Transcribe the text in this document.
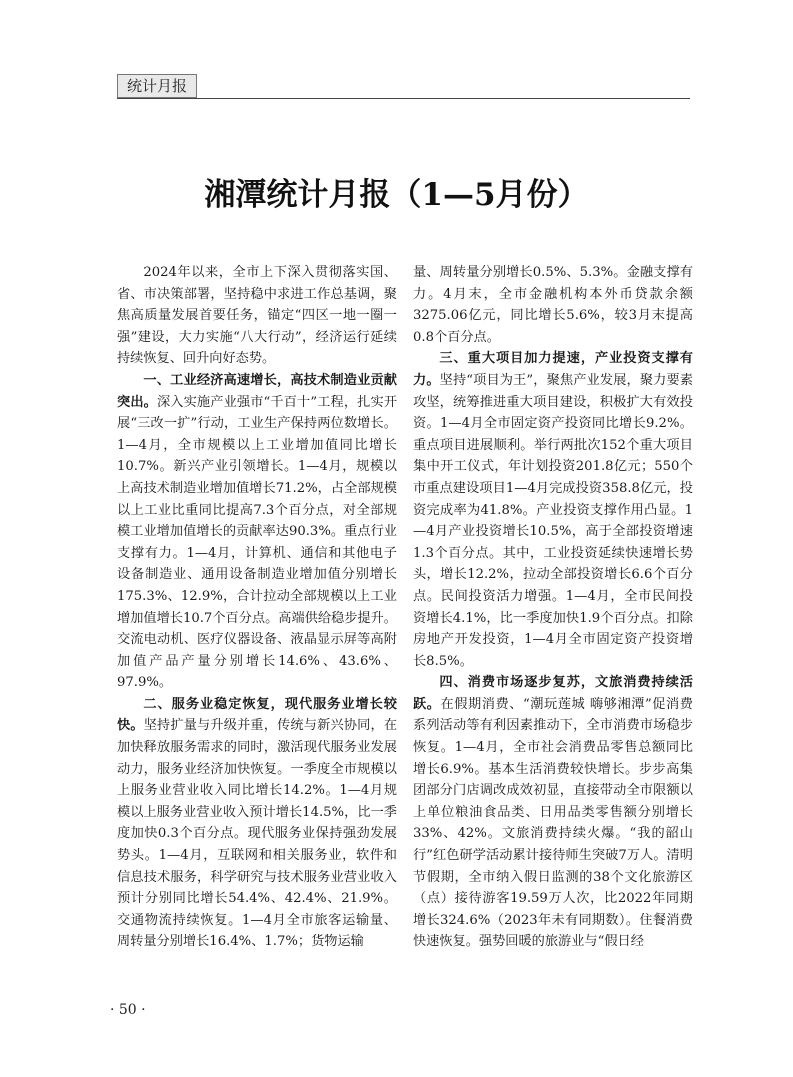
统计月报
湘潭统计月报（1—5月份）

2024年以来，全市上下深入贯彻落实国、省、市决策部署，坚持稳中求进工作总基调，聚焦高质量发展首要任务，锚定“四区一地一圈一强”建设，大力实施“八大行动”，经济运行延续持续恢复、回升向好态势。

一、工业经济高速增长，高技术制造业贡献突出。深入实施产业强市“千百十”工程，扎实开展“三改一扩”行动，工业生产保持两位数增长。1—4月，全市规模以上工业增加值同比增长10.7%。新兴产业引领增长。1—4月，规模以上高技术制造业增加值增长71.2%，占全部规模以上工业比重同比提高7.3个百分点，对全部规模工业增加值增长的贡献率达90.3%。重点行业支撑有力。1—4月，计算机、通信和其他电子设备制造业、通用设备制造业增加值分别增长175.3%、12.9%，合计拉动全部规模以上工业增加值增长10.7个百分点。高端供给稳步提升。交流电动机、医疗仪器设备、液晶显示屏等高附加值产品产量分别增长14.6%、43.6%、97.9%。

二、服务业稳定恢复，现代服务业增长较快。坚持扩量与升级并重，传统与新兴协同，在加快释放服务需求的同时，激活现代服务业发展动力，服务业经济加快恢复。一季度全市规模以上服务业营业收入同比增长14.2%。1—4月规模以上服务业营业收入预计增长14.5%，比一季度加快0.3个百分点。现代服务业保持强劲发展势头。1—4月，互联网和相关服务业，软件和信息技术服务，科学研究与技术服务业营业收入预计分别同比增长54.4%、42.4%、21.9%。交通物流持续恢复。1—4月全市旅客运输量、周转量分别增长16.4%、1.7%；货物运输

量、周转量分别增长0.5%、5.3%。金融支撑有力。4月末，全市金融机构本外币贷款余额3275.06亿元，同比增长5.6%，较3月末提高0.8个百分点。

三、重大项目加力提速，产业投资支撑有力。坚持“项目为王”，聚焦产业发展，聚力要素攻坚，统筹推进重大项目建设，积极扩大有效投资。1—4月全市固定资产投资同比增长9.2%。重点项目进展顺利。举行两批次152个重大项目集中开工仪式，年计划投资201.8亿元；550个市重点建设项目1—4月完成投资358.8亿元，投资完成率为41.8%。产业投资支撑作用凸显。1—4月产业投资增长10.5%，高于全部投资增速1.3个百分点。其中，工业投资延续快速增长势头，增长12.2%，拉动全部投资增长6.6个百分点。民间投资活力增强。1—4月，全市民间投资增长4.1%，比一季度加快1.9个百分点。扣除房地产开发投资，1—4月全市固定资产投资增长8.5%。

四、消费市场逐步复苏，文旅消费持续活跃。在假期消费、“潮玩莲城 嗨够湘潭”促消费系列活动等有利因素推动下，全市消费市场稳步恢复。1—4月，全市社会消费品零售总额同比增长6.9%。基本生活消费较快增长。步步高集团部分门店调改成效初显，直接带动全市限额以上单位粮油食品类、日用品类零售额分别增长33%、42%。文旅消费持续火爆。“我的韶山行”红色研学活动累计接待师生突破7万人。清明节假期，全市纳入假日监测的38个文化旅游区（点）接待游客19.59万人次，比2022年同期增长324.6%（2023年未有同期数）。住餐消费快速恢复。强势回暖的旅游业与“假日经

· 50 ·
